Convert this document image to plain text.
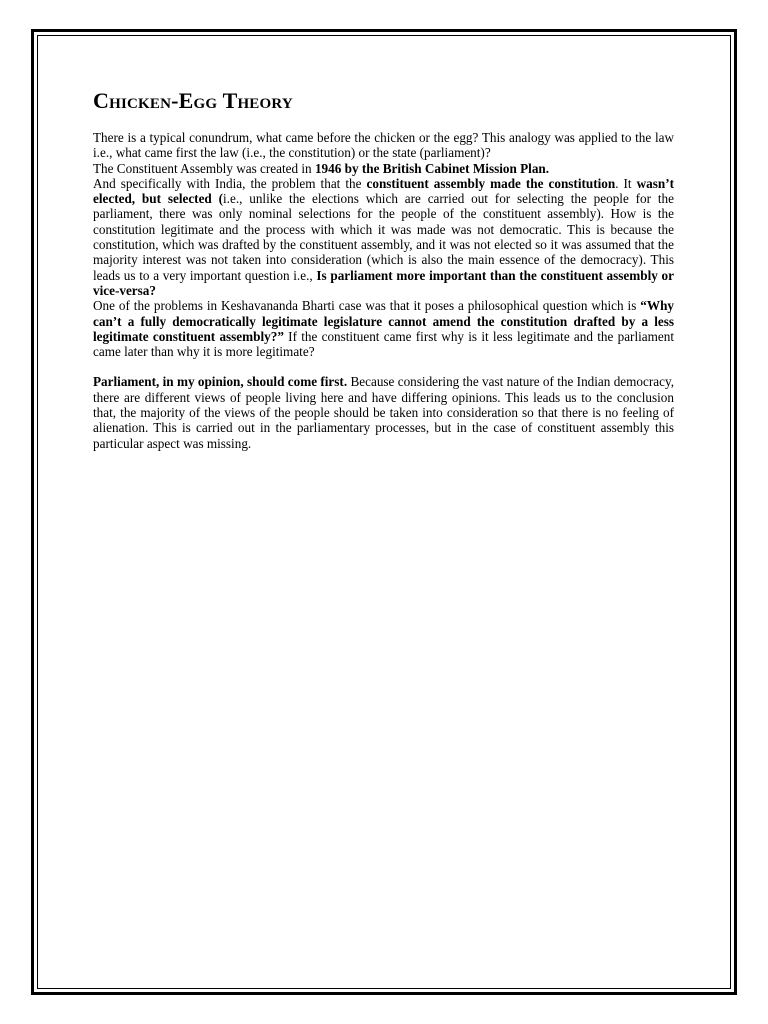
Chicken-Egg Theory

There is a typical conundrum, what came before the chicken or the egg? This analogy was applied to the law i.e., what came first the law (i.e., the constitution) or the state (parliament)?

The Constituent Assembly was created in 1946 by the British Cabinet Mission Plan.

And specifically with India, the problem that the constituent assembly made the constitution. It wasn’t elected, but selected (i.e., unlike the elections which are carried out for selecting the people for the parliament, there was only nominal selections for the people of the constituent assembly). How is the constitution legitimate and the process with which it was made was not democratic. This is because the constitution, which was drafted by the constituent assembly, and it was not elected so it was assumed that the majority interest was not taken into consideration (which is also the main essence of the democracy). This leads us to a very important question i.e., Is parliament more important than the constituent assembly or vice-versa?

One of the problems in Keshavananda Bharti case was that it poses a philosophical question which is “Why can’t a fully democratically legitimate legislature cannot amend the constitution drafted by a less legitimate constituent assembly?” If the constituent came first why is it less legitimate and the parliament came later than why it is more legitimate?

Parliament, in my opinion, should come first. Because considering the vast nature of the Indian democracy, there are different views of people living here and have differing opinions. This leads us to the conclusion that, the majority of the views of the people should be taken into consideration so that there is no feeling of alienation. This is carried out in the parliamentary processes, but in the case of constituent assembly this particular aspect was missing.
